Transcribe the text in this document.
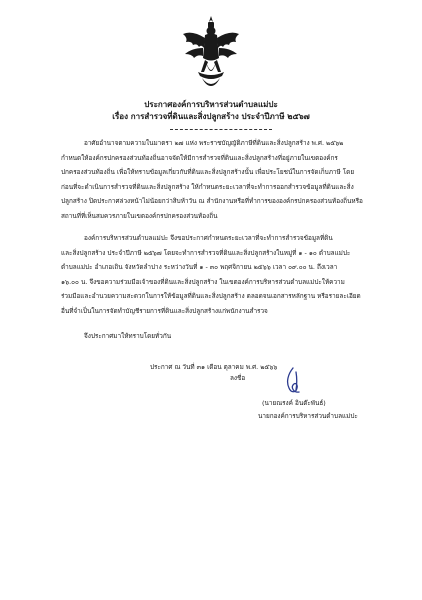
ประกาศองค์การบริหารส่วนตำบลแม่ปะ
เรื่อง การสำรวจที่ดินและสิ่งปลูกสร้าง ประจำปีภาษี ๒๕๖๗
อาศัยอำนาจตามความในมาตรา ๒๗ แห่ง พระราชบัญญัติภาษีที่ดินและสิ่งปลูกสร้าง พ.ศ. ๒๕๖๒
กำหนดให้องค์กรปกครองส่วนท้องถิ่นอาจจัดให้มีการสำรวจที่ดินและสิ่งปลูกสร้างที่อยู่ภายในเขตองค์กร
ปกครองส่วนท้องถิ่น เพื่อให้ทราบข้อมูลเกี่ยวกับที่ดินและสิ่งปลูกสร้างนั้น เพื่อประโยชน์ในการจัดเก็บภาษี โดย
ก่อนที่จะดำเนินการสำรวจที่ดินและสิ่งปลูกสร้าง ให้กำหนดระยะเวลาที่จะทำการออกสำรวจข้อมูลที่ดินและสิ่ง
ปลูกสร้าง ปิดประกาศล่วงหน้าไม่น้อยกว่าสิบห้าวัน ณ สำนักงานหรือที่ทำการขององค์กรปกครองส่วนท้องถิ่นหรือ
สถานที่ที่เห็นสมควรภายในเขตองค์กรปกครองส่วนท้องถิ่น
องค์การบริหารส่วนตำบลแม่ปะ จึงขอประกาศกำหนดระยะเวลาที่จะทำการสำรวจข้อมูลที่ดิน
และสิ่งปลูกสร้าง ประจำปีภาษี ๒๕๖๗ โดยจะทำการสำรวจที่ดินและสิ่งปลูกสร้างในหมู่ที่ ๑ - ๑๐ ตำบลแม่ปะ
ตำบลแม่ปะ อำเภอเถิน จังหวัดลำปาง ระหว่างวันที่ ๑ - ๓๐ พฤศจิกายน ๒๕๖๖ เวลา ๐๙.๐๐ น. ถึงเวลา
๑๖.๐๐ น. จึงขอความร่วมมือเจ้าของที่ดินและสิ่งปลูกสร้าง ในเขตองค์การบริหารส่วนตำบลแม่ปะให้ความ
ร่วมมือและอำนวยความสะดวกในการให้ข้อมูลที่ดินและสิ่งปลูกสร้าง ตลอดจนเอกสารหลักฐาน หรือรายละเอียด
อื่นที่จำเป็นในการจัดทำบัญชีรายการที่ดินและสิ่งปลูกสร้างแก่พนักงานสำรวจ
จึงประกาศมาให้ทราบโดยทั่วกัน
ประกาศ ณ วันที่ ๓๑ เดือน ตุลาคม พ.ศ. ๒๕๖๖
ลงชื่อ
(นายณรงค์ อินต๊ะพันธ์)
นายกองค์การบริหารส่วนตำบลแม่ปะ
